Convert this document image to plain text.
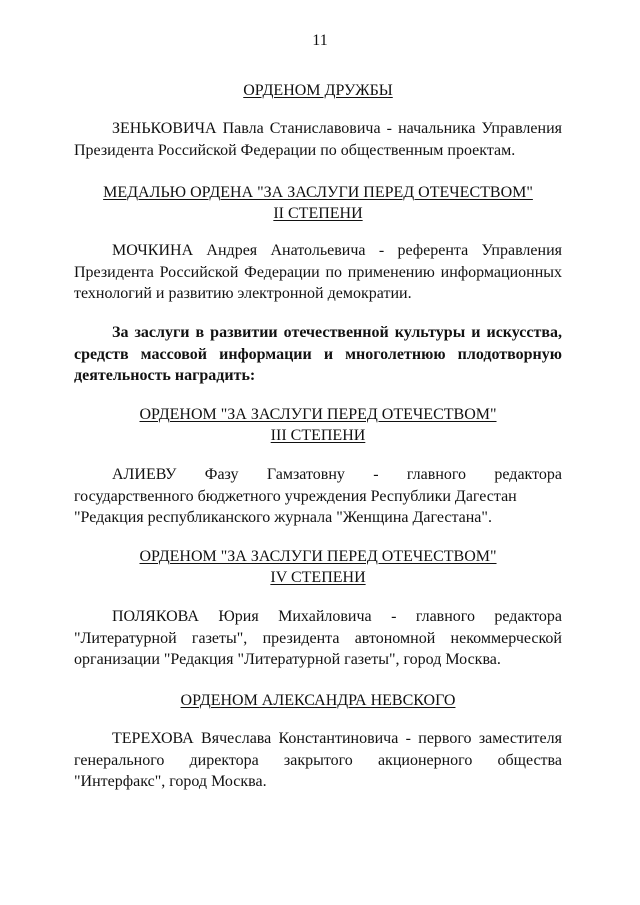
11
ОРДЕНОМ ДРУЖБЫ

ЗЕНЬКОВИЧА Павла Станиславовича - начальника Управления Президента Российской Федерации по общественным проектам.

МЕДАЛЬЮ ОРДЕНА "ЗА ЗАСЛУГИ ПЕРЕД ОТЕЧЕСТВОМ"
II СТЕПЕНИ

МОЧКИНА Андрея Анатольевича - референта Управления Президента Российской Федерации по применению информационных технологий и развитию электронной демократии.

За заслуги в развитии отечественной культуры и искусства, средств массовой информации и многолетнюю плодотворную деятельность наградить:

ОРДЕНОМ "ЗА ЗАСЛУГИ ПЕРЕД ОТЕЧЕСТВОМ"
III СТЕПЕНИ
АЛИЕВУ Фазу Гамзатовну - главного редактора
государственного бюджетного учреждения Республики Дагестан
"Редакция республиканского журнала "Женщина Дагестана".
ОРДЕНОМ "ЗА ЗАСЛУГИ ПЕРЕД ОТЕЧЕСТВОМ"
IV СТЕПЕНИ
ПОЛЯКОВА Юрия Михайловича - главного редактора

"Литературной газеты", президента автономной некоммерческой организации "Редакция "Литературной газеты", город Москва.

ОРДЕНОМ АЛЕКСАНДРА НЕВСКОГО

ТЕРЕХОВА Вячеслава Константиновича - первого заместителя генерального директора закрытого акционерного общества "Интерфакс", город Москва.
